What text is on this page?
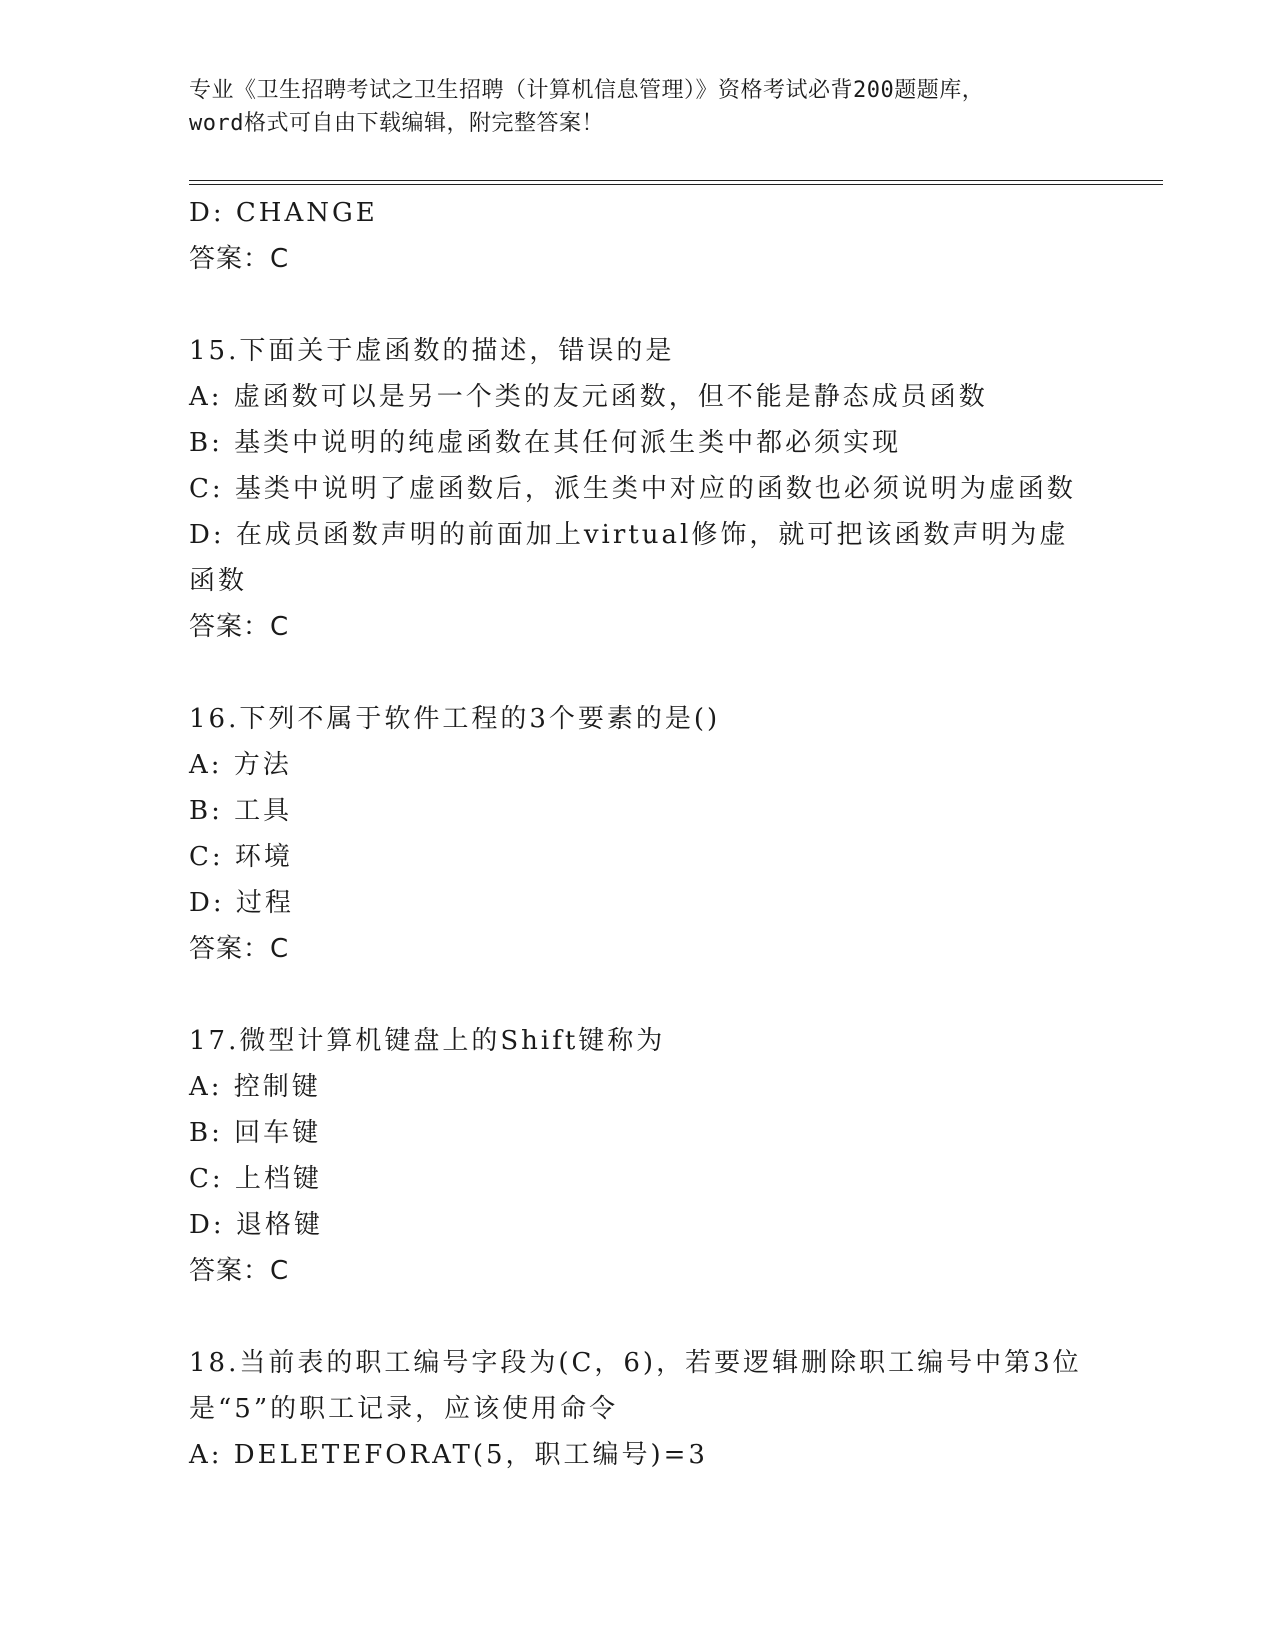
专业《卫生招聘考试之卫生招聘（计算机信息管理）》资格考试必背200题题库，
word格式可自由下载编辑，附完整答案！
D: CHANGE
答案：C
15.下面关于虚函数的描述，错误的是
A: 虚函数可以是另一个类的友元函数，但不能是静态成员函数
B: 基类中说明的纯虚函数在其任何派生类中都必须实现
C: 基类中说明了虚函数后，派生类中对应的函数也必须说明为虚函数
D: 在成员函数声明的前面加上virtual修饰，就可把该函数声明为虚
函数
答案：C
16.下列不属于软件工程的3个要素的是()
A: 方法
B: 工具
C: 环境
D: 过程
答案：C
17.微型计算机键盘上的Shift键称为
A: 控制键
B: 回车键
C: 上档键
D: 退格键
答案：C
18.当前表的职工编号字段为(C，6)，若要逻辑删除职工编号中第3位
是“5”的职工记录，应该使用命令
A: DELETEFORAT(5，职工编号)=3
